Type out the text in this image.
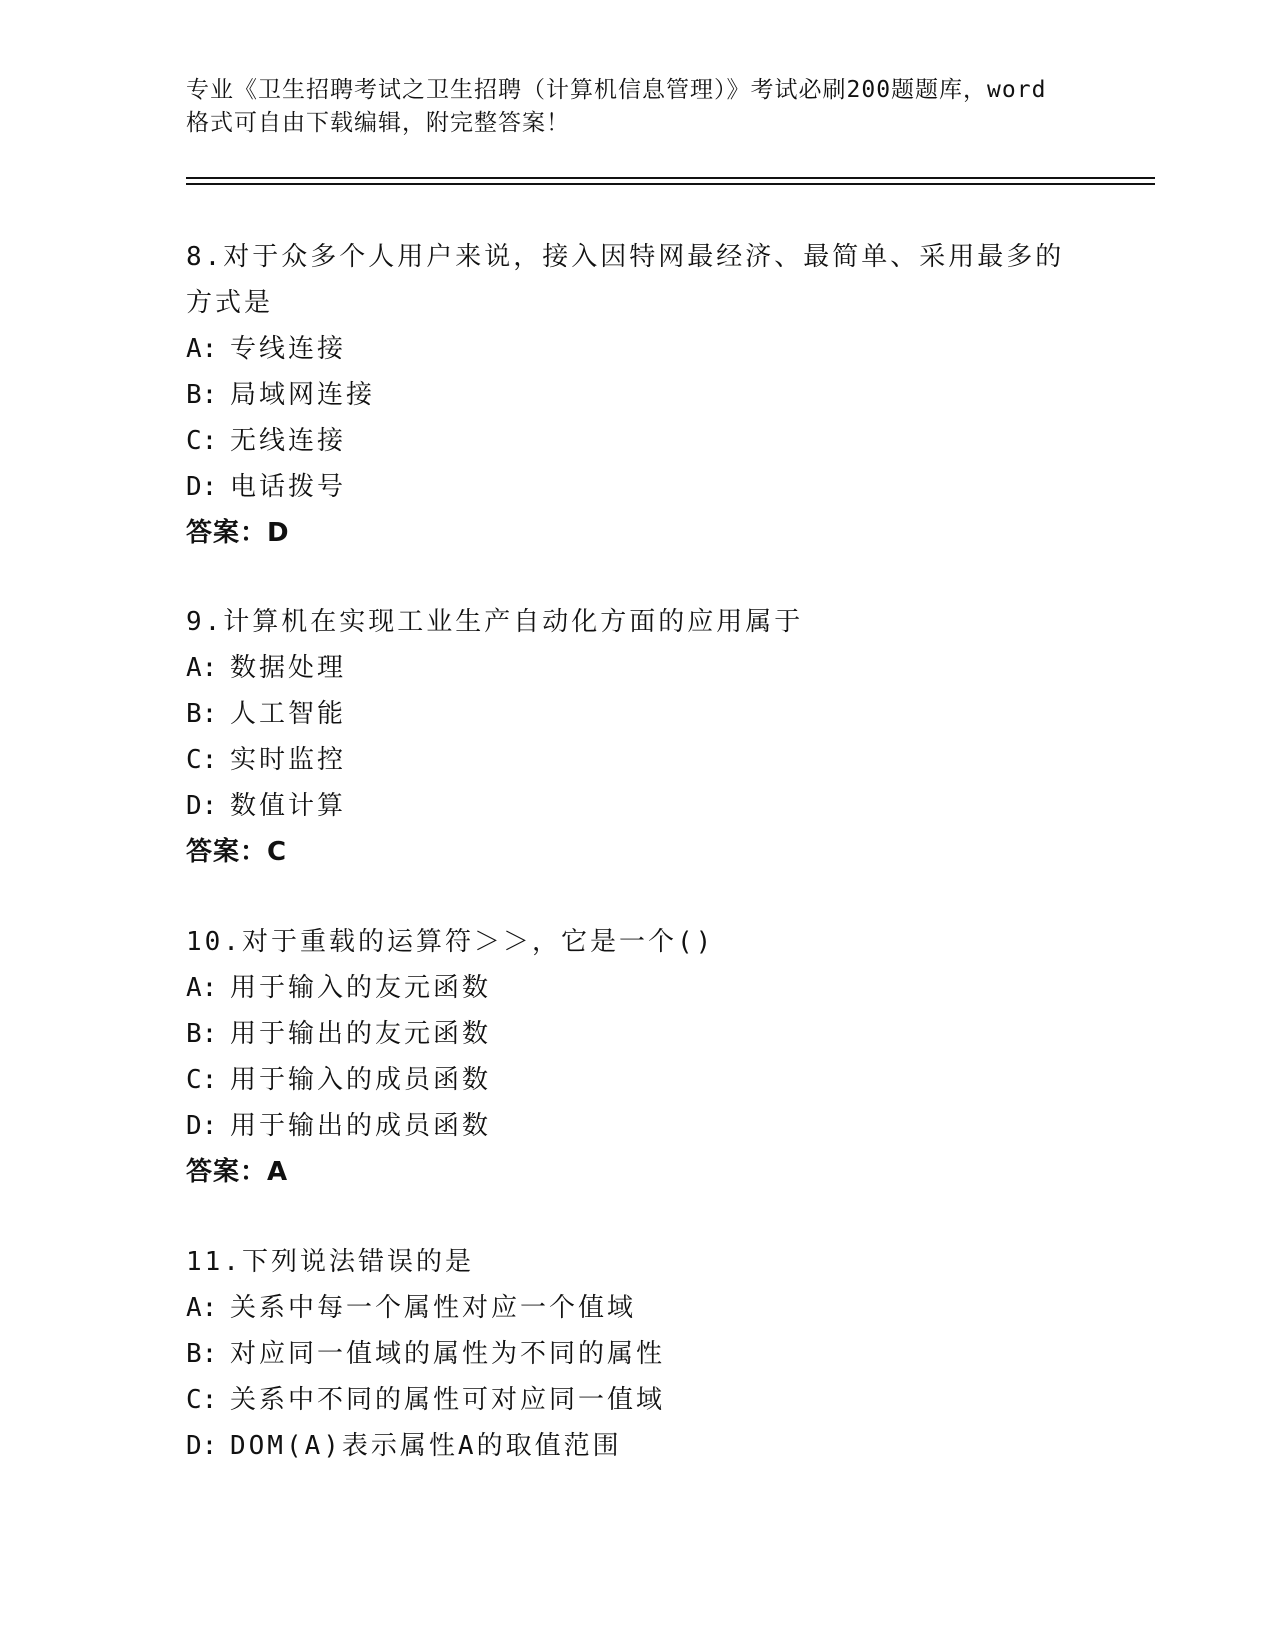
专业《卫生招聘考试之卫生招聘（计算机信息管理）》考试必刷200题题库，word
格式可自由下载编辑，附完整答案！
8.对于众多个人用户来说，接入因特网最经济、最简单、采用最多的
方式是
A: 专线连接
B: 局域网连接
C: 无线连接
D: 电话拨号
答案：D
9.计算机在实现工业生产自动化方面的应用属于
A: 数据处理
B: 人工智能
C: 实时监控
D: 数值计算
答案：C
10.对于重载的运算符＞＞，它是一个()
A: 用于输入的友元函数
B: 用于输出的友元函数
C: 用于输入的成员函数
D: 用于输出的成员函数
答案：A
11.下列说法错误的是
A: 关系中每一个属性对应一个值域
B: 对应同一值域的属性为不同的属性
C: 关系中不同的属性可对应同一值域
D: DOM(A)表示属性A的取值范围
